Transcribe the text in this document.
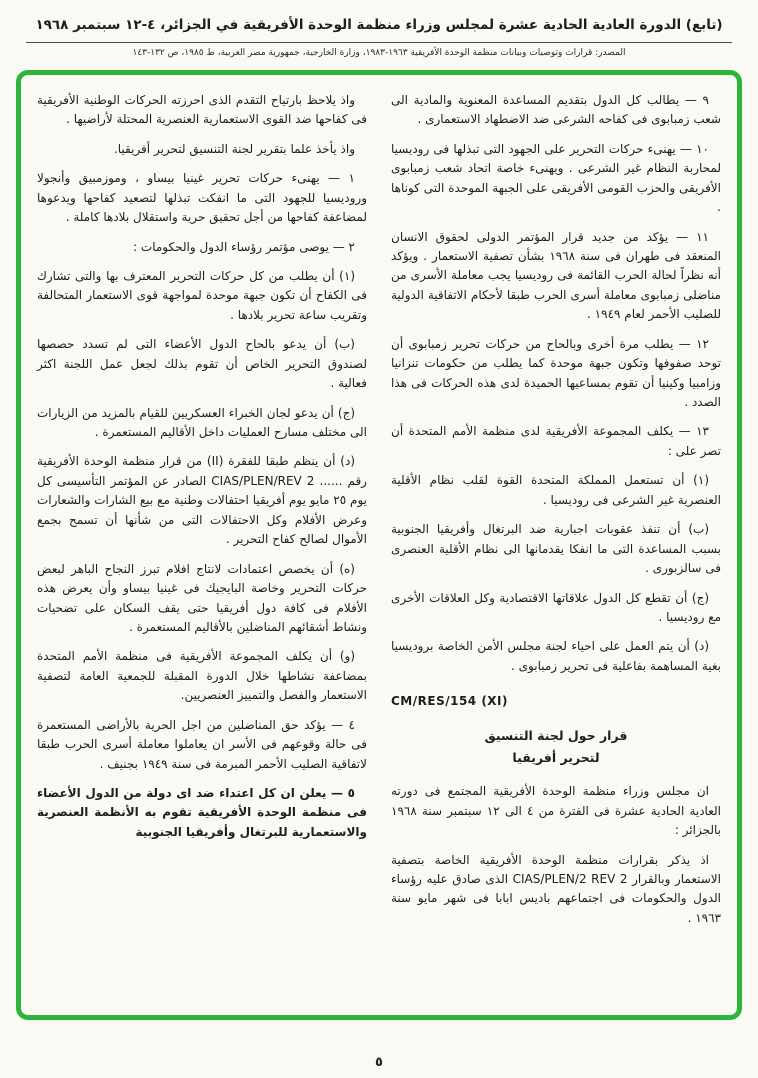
(تابع) الدورة العادية الحادية عشرة لمجلس وزراء منظمة الوحدة الأفريقية في الجزائر، ٤-١٢ سبتمبر ١٩٦٨
المصدر: قرارات وتوصيات وبيانات منظمة الوحدة الأفريقية ١٩٦٣-١٩٨٣، وزارة الخارجية، جمهورية مصر العربية، ط ١٩٨٥، ص ١٣٢-١٤٣

٩ — يطالب كل الدول بتقديم المساعدة المعنوية والمادية الى شعب زمبابوى فى كفاحه الشرعى ضد الاضطهاد الاستعمارى .

١٠ — يهنىء حركات التحرير على الجهود التى تبذلها فى روديسيا لمحاربة النظام غير الشرعى . ويهنىء خاصة اتحاد شعب زمبابوى الأفريقى والحزب القومى الأفريقى على الجبهة الموحدة التى كوناها .

١١ — يؤكد من جديد قرار المؤتمر الدولى لحقوق الانسان المنعقد فى طهران فى سنة ١٩٦٨ بشأن تصفية الاستعمار . ويؤكد أنه نظراً لحالة الحرب القائمة فى روديسيا يجب معاملة الأسرى من مناضلى زمبابوى معاملة أسرى الحرب طبقا لأحكام الاتفاقية الدولية للصليب الأحمر لعام ١٩٤٩ .

١٢ — يطلب مرة أخرى وبالحاح من حركات تحرير زمبابوى أن توحد صفوفها وتكون جبهة موحدة كما يطلب من حكومات تنزانيا وزامبيا وكينيا أن تقوم بمساعيها الحميدة لدى هذه الحركات فى هذا الصدد .

١٣ — يكلف المجموعة الأفريقية لدى منظمة الأمم المتحدة أن تصر على :

(١) أن تستعمل المملكة المتحدة القوة لقلب نظام الأقلية العنصرية غير الشرعى فى روديسيا .

(ب) أن تنفذ عقوبات اجبارية ضد البرتغال وأفريقيا الجنوبية بسبب المساعدة التى ما انفكا يقدمانها الى نظام الأقلية العنصرى فى سالزبورى .

(ج) أن تقطع كل الدول علاقاتها الاقتصادية وكل العلاقات الأخرى مع روديسيا .

(د) أن يتم العمل على احياء لجنة مجلس الأمن الخاصة بروديسيا بغية المساهمة بفاعلية فى تحرير زمبابوى .

CM/RES/154 (XI)

قرار حول لجنة التنسيق

لتحرير أفريقيا

ان مجلس وزراء منظمة الوحدة الأفريقية المجتمع فى دورته العادية الحادية عشرة فى الفترة من ٤ الى ١٢ سبتمبر سنة ١٩٦٨ بالجزائر :

اذ يذكر بقرارات منظمة الوحدة الأفريقية الخاصة بتصفية الاستعمار وبالقرار CIAS/PLEN/2 REV 2 الذى صادق عليه رؤساء الدول والحكومات فى اجتماعهم باديس ابابا فى شهر مايو سنة ١٩٦٣ .

واذ يلاحظ بارتياح التقدم الذى احرزته الحركات الوطنية الأفريقية فى كفاحها ضد القوى الاستعمارية العنصرية المحتلة لأراضيها .

واذ يأخذ علما بتقرير لجنة التنسيق لتحرير أفريقيا.

١ — يهنىء حركات تحرير غينيا بيساو ، وموزمبيق وأنجولا وروديسيا للجهود التى ما انفكت تبذلها لتصعيد كفاحها ويدعوها لمضاعفة كفاحها من أجل تحقيق حرية واستقلال بلادها كاملة .

٢ — يوصى مؤتمر رؤساء الدول والحكومات :

(١) أن يطلب من كل حركات التحرير المعترف بها والتى تشارك فى الكفاح أن تكون جبهة موحدة لمواجهة قوى الاستعمار المتحالفة وتقريب ساعة تحرير بلادها .

(ب) أن يدعو بالحاح الدول الأعضاء التى لم تسدد حصصها لصندوق التحرير الخاص أن تقوم بذلك لجعل عمل اللجنة اكثر فعالية .

(ج) أن يدعو لجان الخبراء العسكريين للقيام بالمزيد من الزيارات الى مختلف مسارح العمليات داخل الأقاليم المستعمرة .

(د) أن ينظم طبقا للفقرة (II) من قرار منظمة الوحدة الأفريقية رقم ...... CIAS/PLEN/REV 2 الصادر عن المؤتمر التأسيسى كل يوم ٢٥ مايو يوم أفريقيا احتفالات وطنية مع بيع الشارات والشعارات وعرض الأفلام وكل الاحتفالات التى من شأنها أن تسمح بجمع الأموال لصالح كفاح التحرير .

(ه) أن يخصص اعتمادات لانتاج افلام تبرز النجاح الباهر لبعض حركات التحرير وخاصة البايجيك فى غينيا بيساو وأن يعرض هذه الأفلام فى كافة دول أفريقيا حتى يقف السكان على تضحيات ونشاط أشقائهم المناضلين بالأقاليم المستعمرة .

(و) أن يكلف المجموعة الأفريقية فى منظمة الأمم المتحدة بمضاعفة نشاطها خلال الدورة المقبلة للجمعية العامة لتصفية الاستعمار والفصل والتمييز العنصريين.

٤ — يؤكد حق المناضلين من اجل الحرية بالأراضى المستعمرة فى حالة وقوعهم فى الأسر ان يعاملوا معاملة أسرى الحرب طبقا لاتفاقية الصليب الأحمر المبرمة فى سنة ١٩٤٩ بجنيف .

٥ — يعلن ان كل اعتداء ضد اى دولة من الدول الأعضاء فى منظمة الوحدة الأفريقية تقوم به الأنظمة العنصرية والاستعمارية للبرتغال وأفريقيا الجنوبية

٥
